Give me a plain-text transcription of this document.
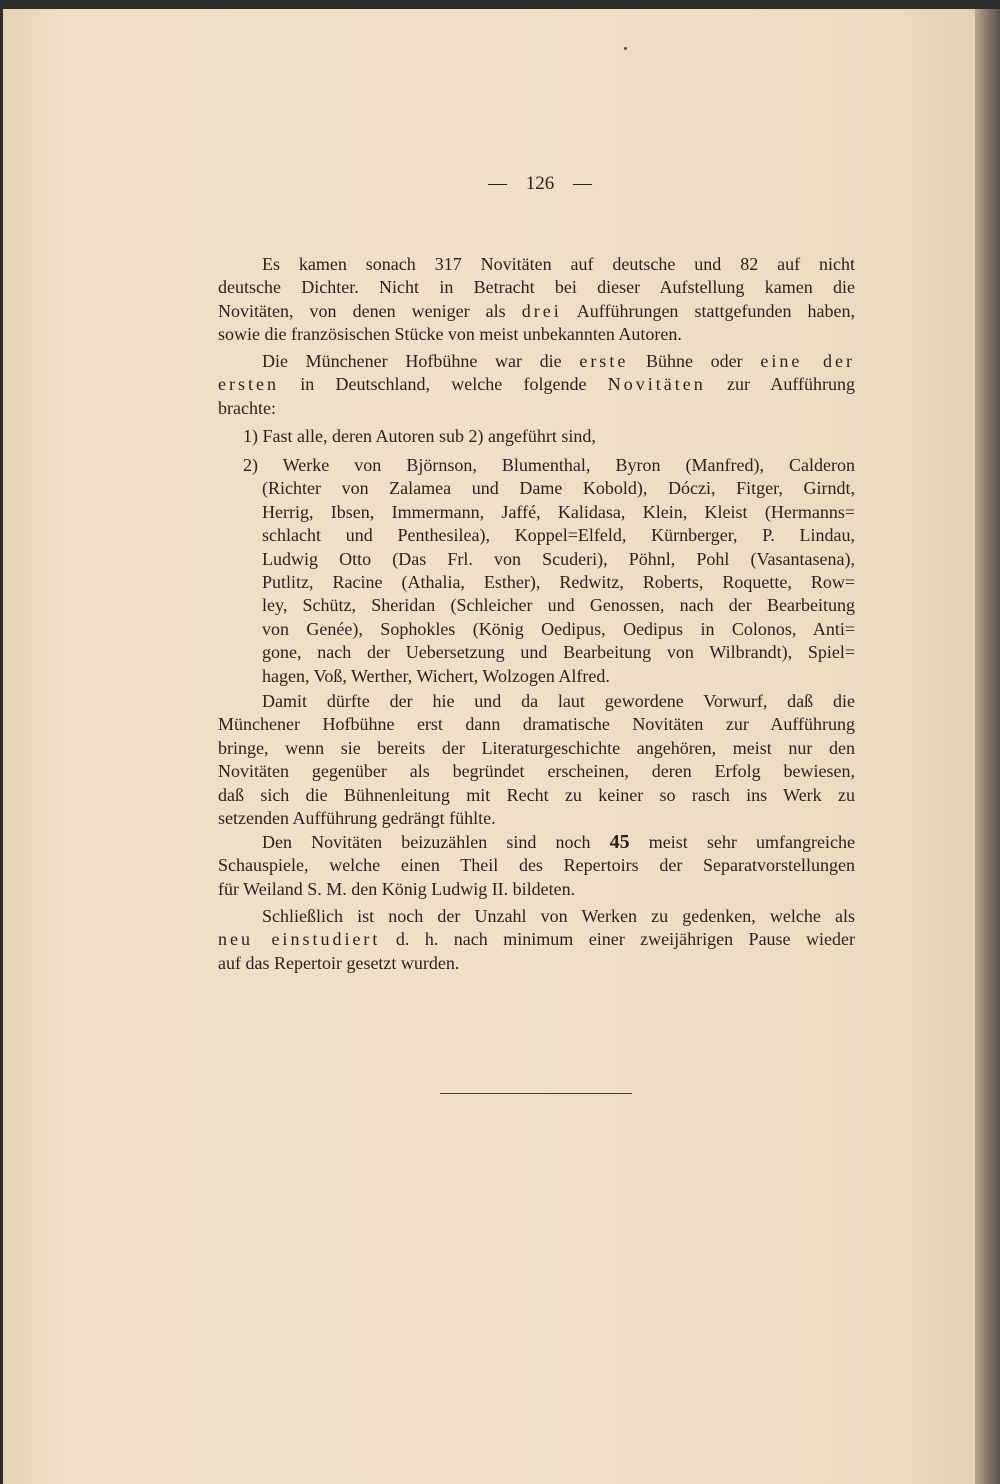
— 126 —
Es kamen sonach 317 Novitäten auf deutsche und 82 auf nicht
deutsche Dichter. Nicht in Betracht bei dieser Aufstellung kamen die
Novitäten, von denen weniger als drei Aufführungen stattgefunden haben,
sowie die französischen Stücke von meist unbekannten Autoren.
Die Münchener Hofbühne war die erste Bühne oder eine der
ersten in Deutschland, welche folgende Novitäten zur Aufführung
brachte:
1) Fast alle, deren Autoren sub 2) angeführt sind,
2) Werke von Björnson, Blumenthal, Byron (Manfred), Calderon
(Richter von Zalamea und Dame Kobold), Dóczi, Fitger, Girndt,
Herrig, Ibsen, Immermann, Jaffé, Kalidasa, Klein, Kleist (Hermanns=
schlacht und Penthesilea), Koppel=Elfeld, Kürnberger, P. Lindau,
Ludwig Otto (Das Frl. von Scuderi), Pöhnl, Pohl (Vasantasena),
Putlitz, Racine (Athalia, Esther), Redwitz, Roberts, Roquette, Row=
ley, Schütz, Sheridan (Schleicher und Genossen, nach der Bearbeitung
von Genée), Sophokles (König Oedipus, Oedipus in Colonos, Anti=
gone, nach der Uebersetzung und Bearbeitung von Wilbrandt), Spiel=
hagen, Voß, Werther, Wichert, Wolzogen Alfred.
Damit dürfte der hie und da laut gewordene Vorwurf, daß die
Münchener Hofbühne erst dann dramatische Novitäten zur Aufführung
bringe, wenn sie bereits der Literaturgeschichte angehören, meist nur den
Novitäten gegenüber als begründet erscheinen, deren Erfolg bewiesen,
daß sich die Bühnenleitung mit Recht zu keiner so rasch ins Werk zu
setzenden Aufführung gedrängt fühlte.
Den Novitäten beizuzählen sind noch 45 meist sehr umfangreiche
Schauspiele, welche einen Theil des Repertoirs der Separatvorstellungen
für Weiland S. M. den König Ludwig II. bildeten.
Schließlich ist noch der Unzahl von Werken zu gedenken, welche als
neu einstudiert d. h. nach minimum einer zweijährigen Pause wieder
auf das Repertoir gesetzt wurden.
